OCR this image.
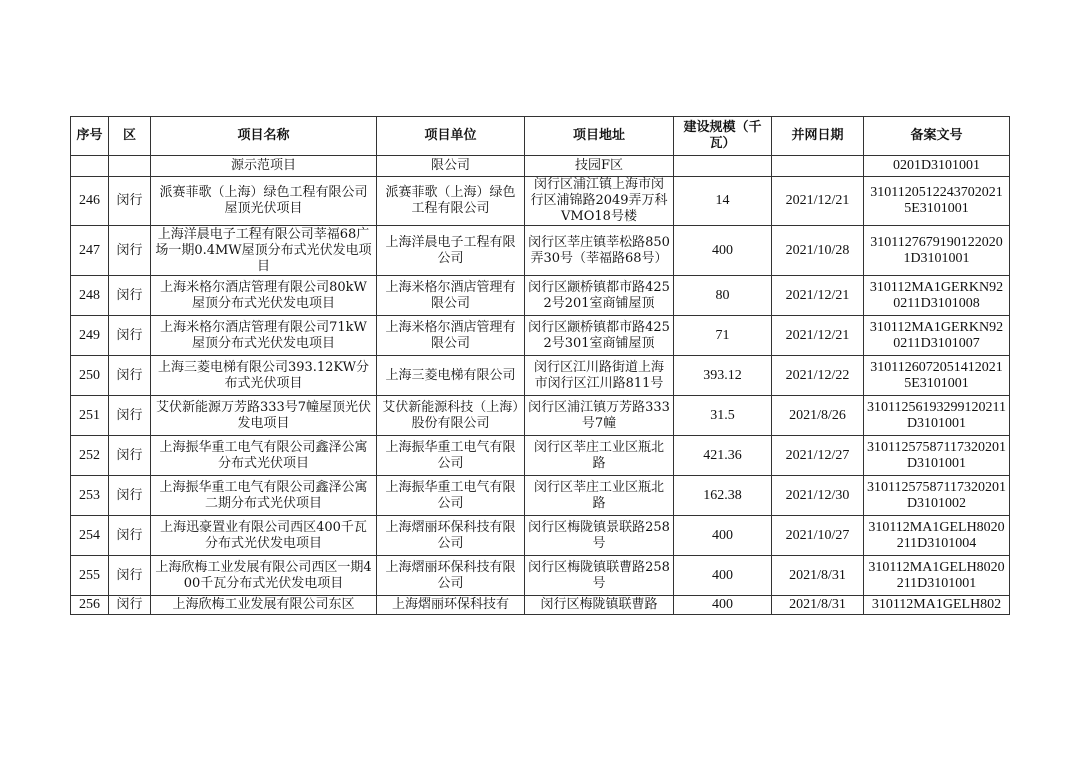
序号	区	项目名称	项目单位	项目地址	建设规模（千瓦）	并网日期	备案文号
		源示范项目	限公司	技园F区			0201D3101001
246	闵行	派赛菲歌（上海）绿色工程有限公司屋顶光伏项目	派赛菲歌（上海）绿色工程有限公司	闵行区浦江镇上海市闵行区浦锦路2049弄万科VMO18号楼	14	2021/12/21	31011205122437020215E3101001
247	闵行	上海洋晨电子工程有限公司莘福68广场一期0.4MW屋顶分布式光伏发电项目	上海洋晨电子工程有限公司	闵行区莘庄镇莘松路850弄30号（莘福路68号）	400	2021/10/28	31011276791901220201D3101001
248	闵行	上海米格尔酒店管理有限公司80kW屋顶分布式光伏发电项目	上海米格尔酒店管理有限公司	闵行区颛桥镇都市路4252号201室商铺屋顶	80	2021/12/21	310112MA1GERKN920211D3101008
249	闵行	上海米格尔酒店管理有限公司71kW屋顶分布式光伏发电项目	上海米格尔酒店管理有限公司	闵行区颛桥镇都市路4252号301室商铺屋顶	71	2021/12/21	310112MA1GERKN920211D3101007
250	闵行	上海三菱电梯有限公司393.12KW分布式光伏项目	上海三菱电梯有限公司	闵行区江川路街道上海市闵行区江川路811号	393.12	2021/12/22	31011260720514120215E3101001
251	闵行	艾伏新能源万芳路333号7幢屋顶光伏发电项目	艾伏新能源科技（上海）股份有限公司	闵行区浦江镇万芳路333号7幢	31.5	2021/8/26	31011256193299120211D3101001
252	闵行	上海振华重工电气有限公司鑫泽公寓分布式光伏项目	上海振华重工电气有限公司	闵行区莘庄工业区瓶北路	421.36	2021/12/27	31011257587117320201D3101001
253	闵行	上海振华重工电气有限公司鑫泽公寓二期分布式光伏项目	上海振华重工电气有限公司	闵行区莘庄工业区瓶北路	162.38	2021/12/30	31011257587117320201D3101002
254	闵行	上海迅豪置业有限公司西区400千瓦分布式光伏发电项目	上海熠丽环保科技有限公司	闵行区梅陇镇景联路258号	400	2021/10/27	310112MA1GELH8020211D3101004
255	闵行	上海欣梅工业发展有限公司西区一期400千瓦分布式光伏发电项目	上海熠丽环保科技有限公司	闵行区梅陇镇联曹路258号	400	2021/8/31	310112MA1GELH8020211D3101001
256	闵行	上海欣梅工业发展有限公司东区	上海熠丽环保科技有	闵行区梅陇镇联曹路	400	2021/8/31	310112MA1GELH802
